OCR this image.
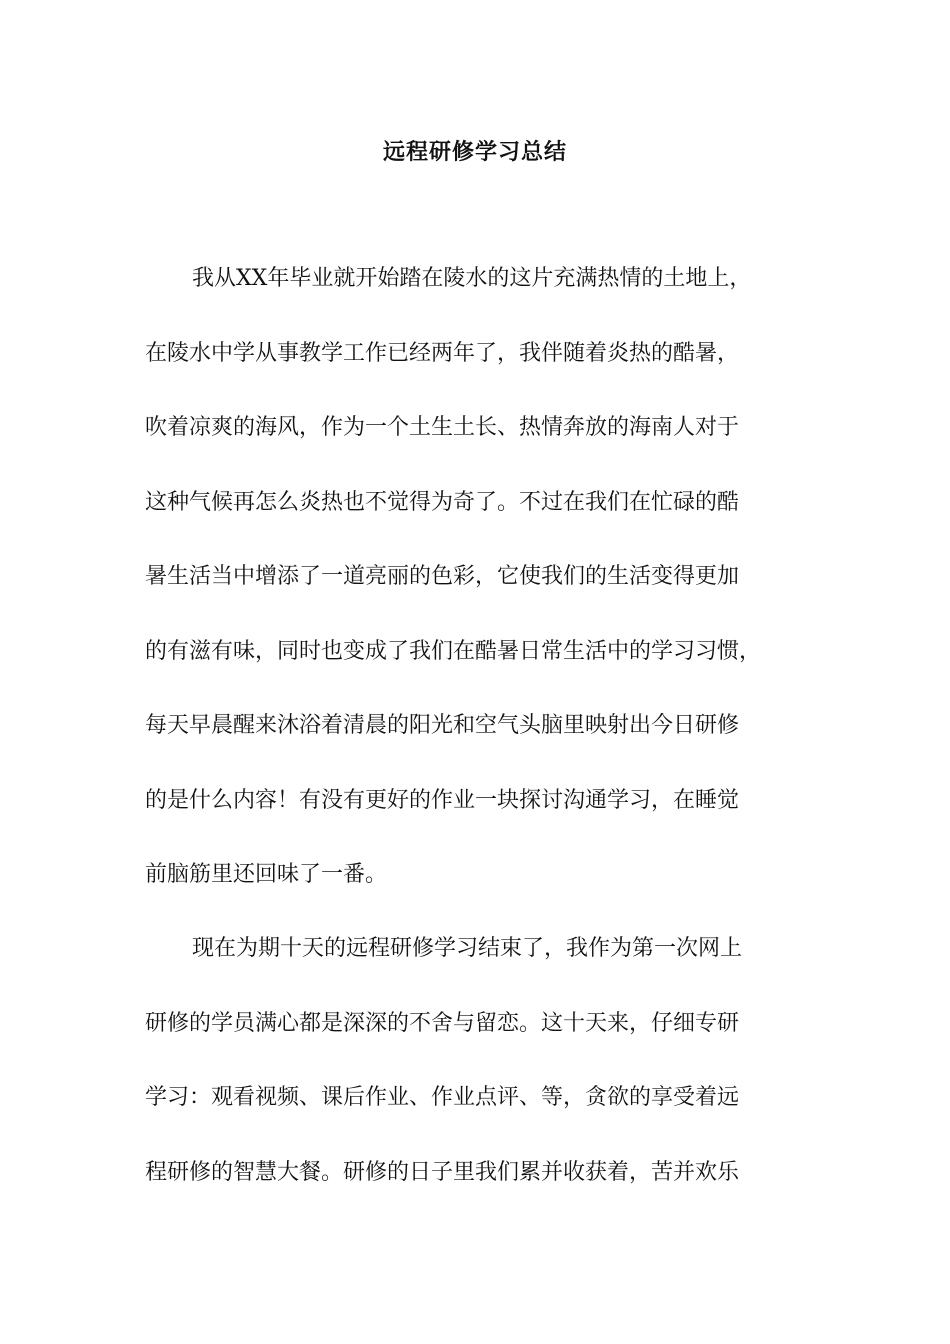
远程研修学习总结
我从XX年毕业就开始踏在陵水的这片充满热情的土地上，
在陵水中学从事教学工作已经两年了，我伴随着炎热的酷暑，
吹着凉爽的海风，作为一个土生土长、热情奔放的海南人对于
这种气候再怎么炎热也不觉得为奇了。不过在我们在忙碌的酷
暑生活当中增添了一道亮丽的色彩，它使我们的生活变得更加
的有滋有味，同时也变成了我们在酷暑日常生活中的学习习惯，
每天早晨醒来沐浴着清晨的阳光和空气头脑里映射出今日研修
的是什么内容！有没有更好的作业一块探讨沟通学习，在睡觉
前脑筋里还回味了一番。
现在为期十天的远程研修学习结束了，我作为第一次网上
研修的学员满心都是深深的不舍与留恋。这十天来，仔细专研
学习：观看视频、课后作业、作业点评、等，贪欲的享受着远
程研修的智慧大餐。研修的日子里我们累并收获着，苦并欢乐
